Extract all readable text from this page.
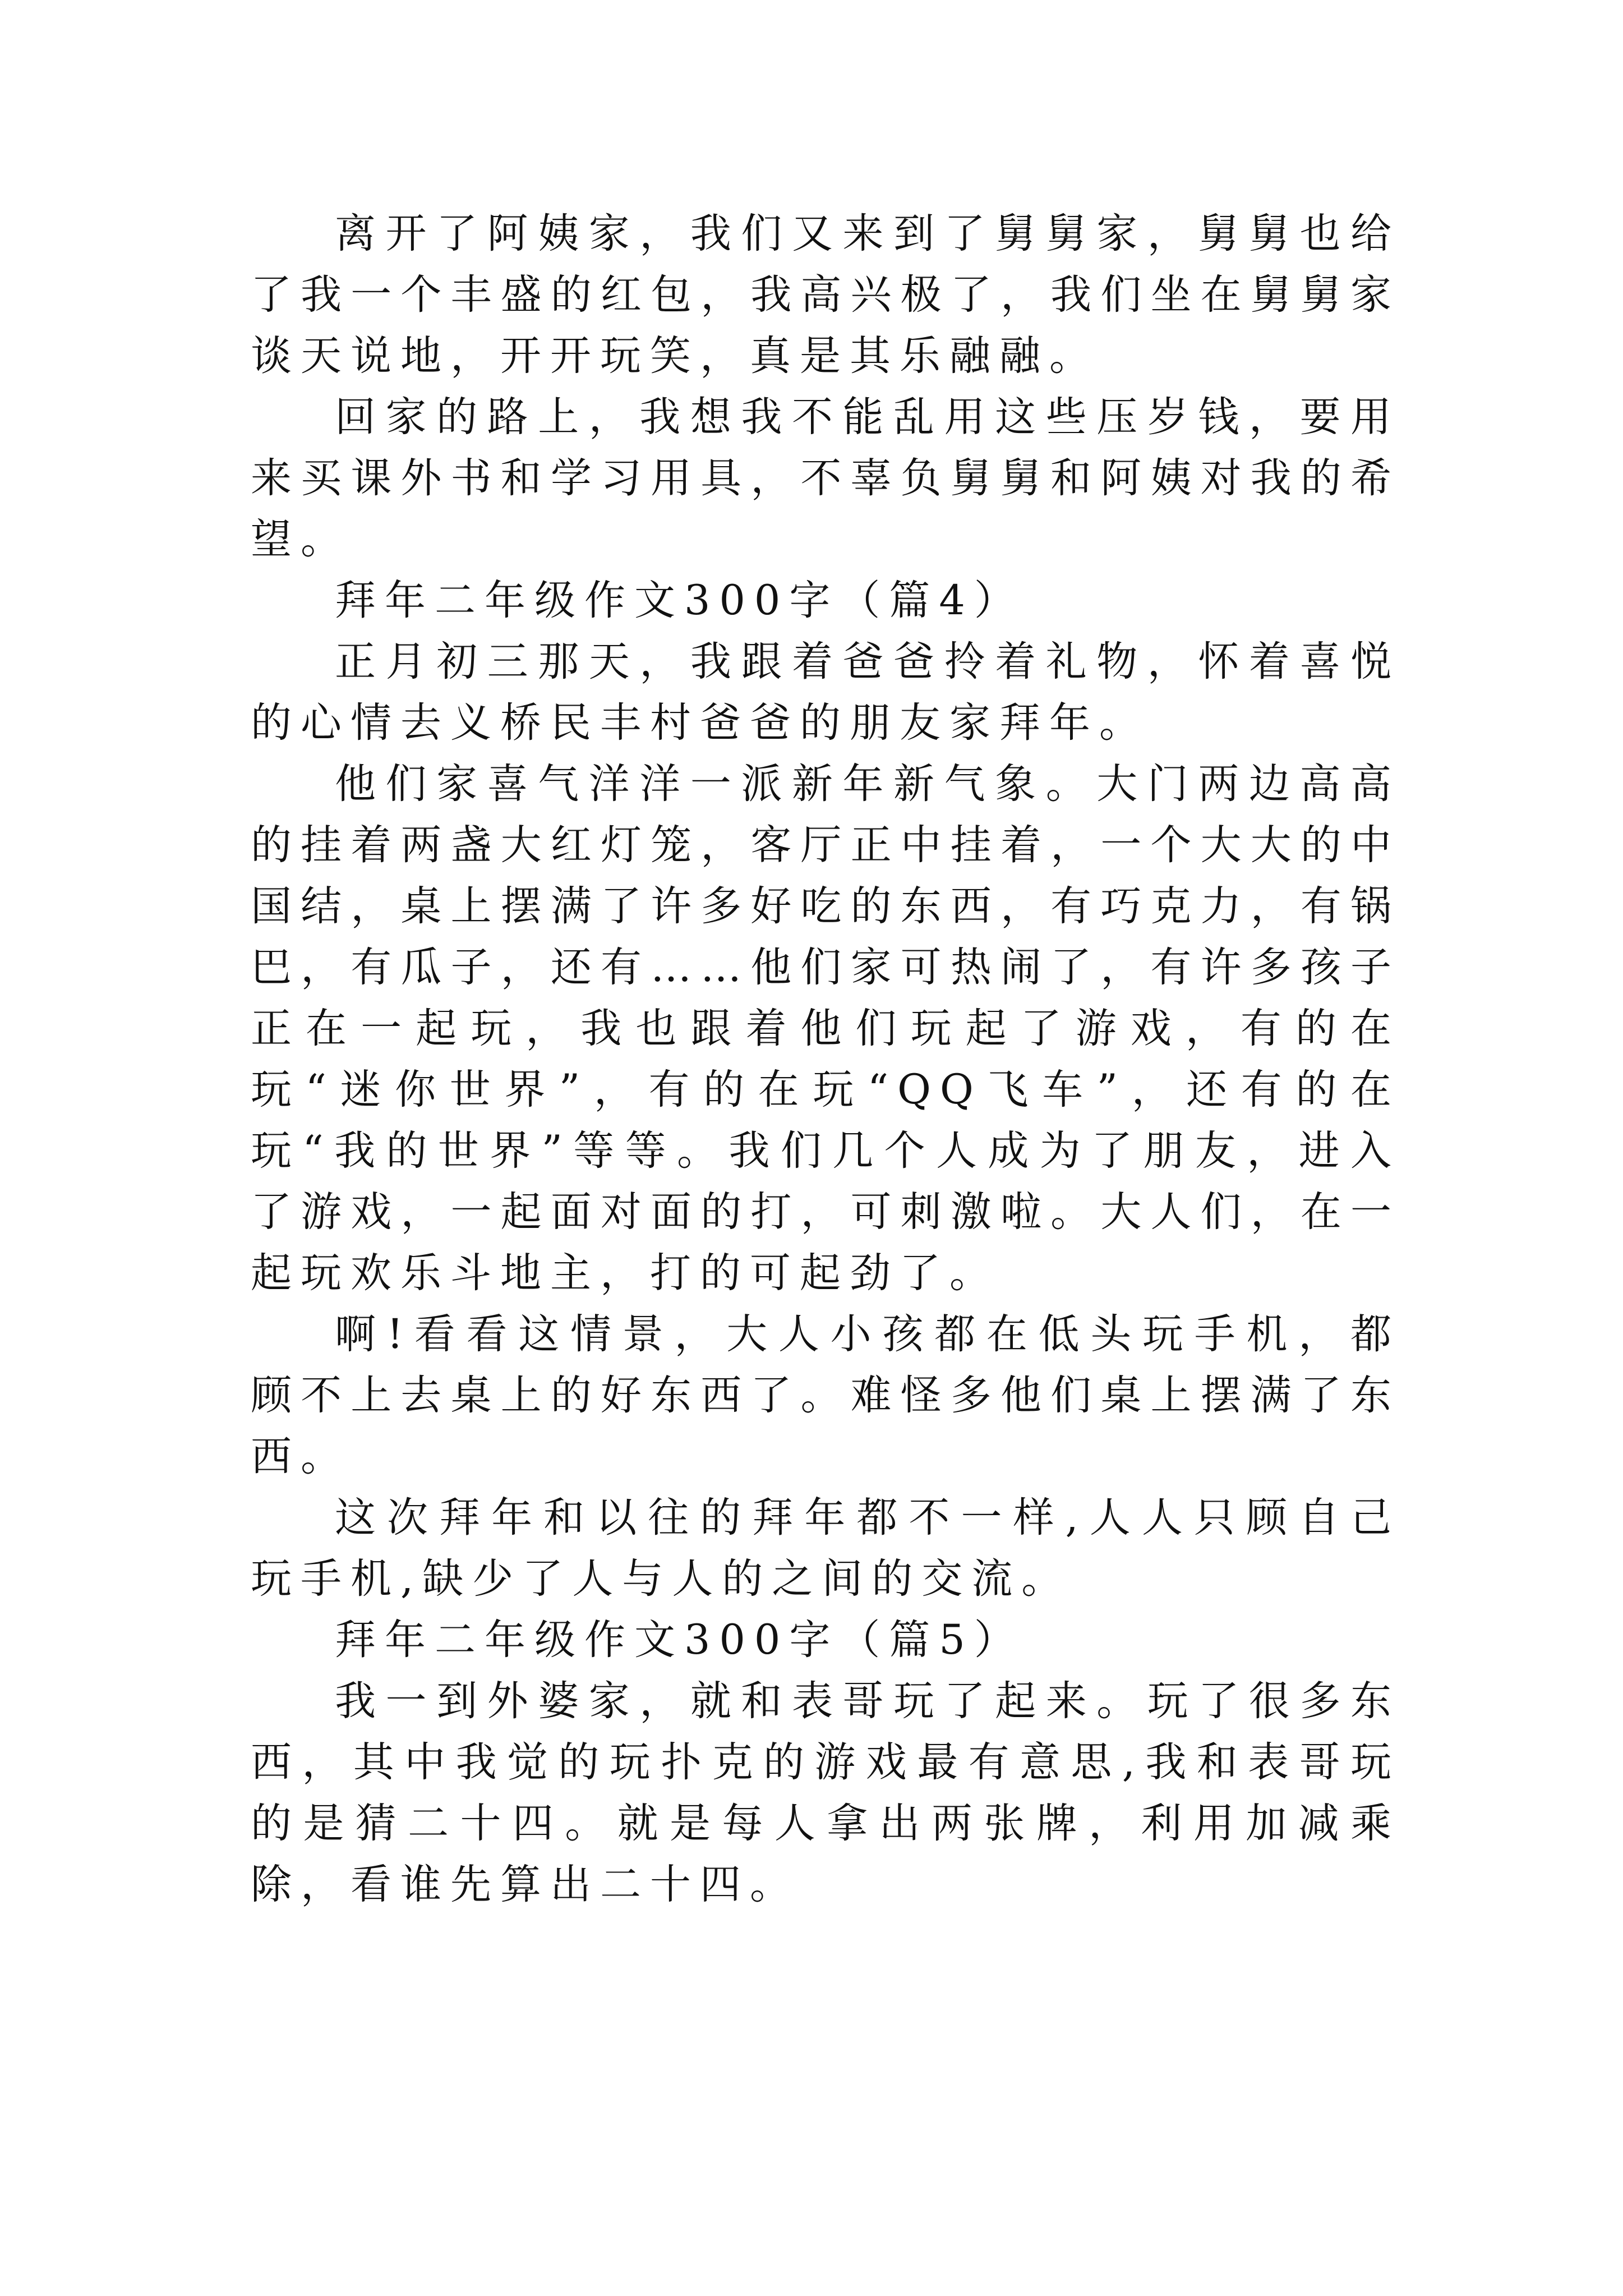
离开了阿姨家，我们又来到了舅舅家，舅舅也给了我一个丰盛的红包，我高兴极了，我们坐在舅舅家谈天说地，开开玩笑，真是其乐融融。

回家的路上，我想我不能乱用这些压岁钱，要用来买课外书和学习用具，不辜负舅舅和阿姨对我的希望。

拜年二年级作文300字（篇4）

正月初三那天，我跟着爸爸拎着礼物，怀着喜悦的心情去义桥民丰村爸爸的朋友家拜年。

他们家喜气洋洋一派新年新气象。大门两边高高的挂着两盏大红灯笼，客厅正中挂着，一个大大的中国结，桌上摆满了许多好吃的东西，有巧克力，有锅巴，有瓜子，还有……他们家可热闹了，有许多孩子正在一起玩，我也跟着他们玩起了游戏，有的在玩“迷你世界”，有的在玩“QQ飞车”，还有的在玩“我的世界”等等。我们几个人成为了朋友，进入了游戏，一起面对面的打，可刺激啦。大人们，在一起玩欢乐斗地主，打的可起劲了。

啊!看看这情景，大人小孩都在低头玩手机，都顾不上去桌上的好东西了。难怪多他们桌上摆满了东西。

这次拜年和以往的拜年都不一样,人人只顾自己玩手机,缺少了人与人的之间的交流。

拜年二年级作文300字（篇5）

我一到外婆家，就和表哥玩了起来。玩了很多东西，其中我觉的玩扑克的游戏最有意思,我和表哥玩的是猜二十四。就是每人拿出两张牌，利用加减乘除，看谁先算出二十四。
